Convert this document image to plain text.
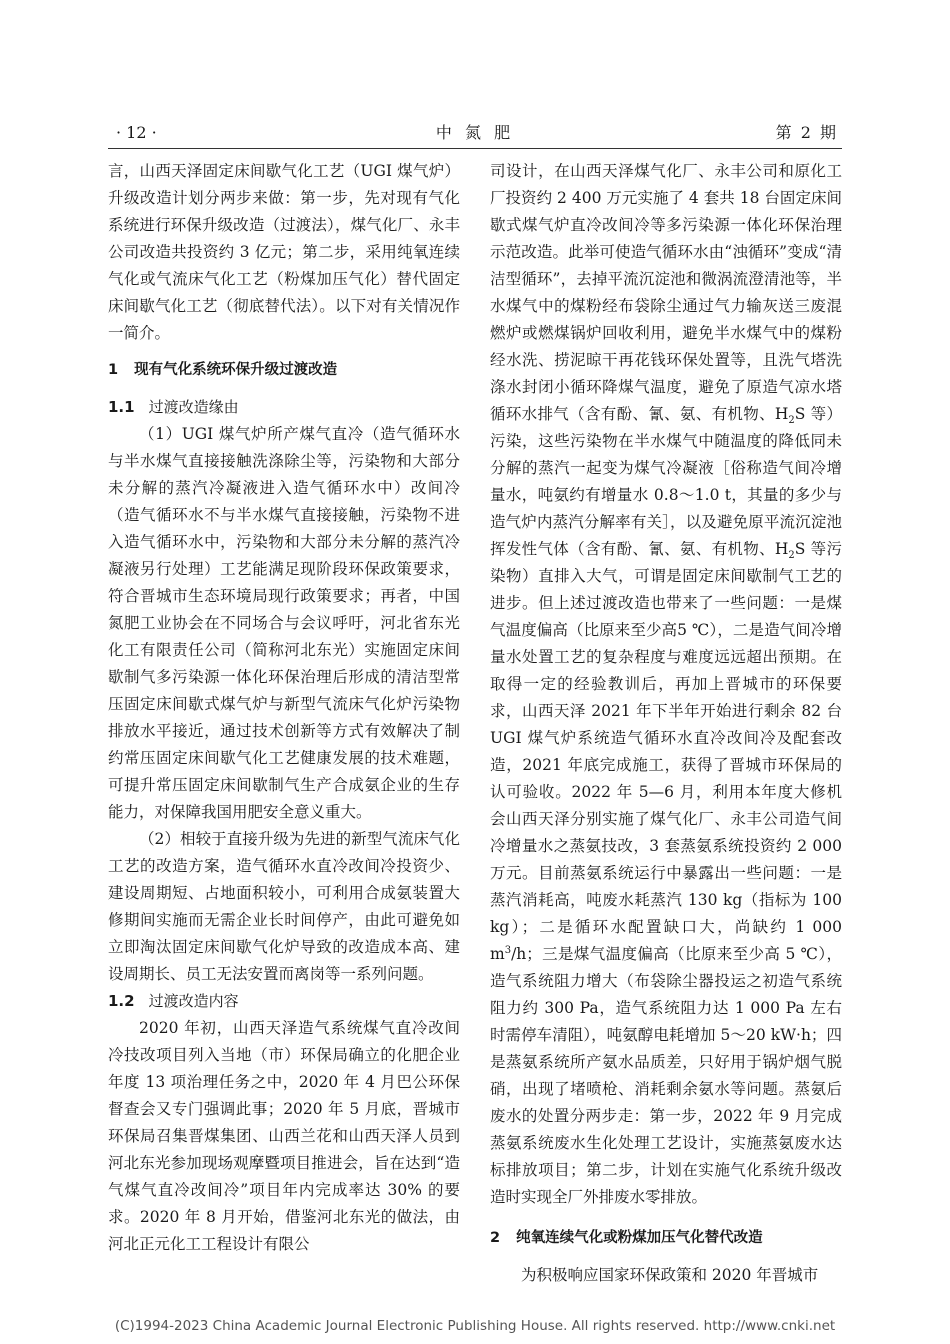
· 12 ·	中 氮 肥	第 2 期

言，山西天泽固定床间歇气化工艺（UGI 煤气炉）升级改造计划分两步来做：第一步，先对现有气化系统进行环保升级改造（过渡法），煤气化厂、永丰公司改造共投资约 3 亿元；第二步，采用纯氧连续气化或气流床气化工艺（粉煤加压气化）替代固定床间歇气化工艺（彻底替代法）。以下对有关情况作一简介。

1 现有气化系统环保升级过渡改造
1.1 过渡改造缘由

（1）UGI 煤气炉所产煤气直冷（造气循环水与半水煤气直接接触洗涤除尘等，污染物和大部分未分解的蒸汽冷凝液进入造气循环水中）改间冷（造气循环水不与半水煤气直接接触，污染物不进入造气循环水中，污染物和大部分未分解的蒸汽冷凝液另行处理）工艺能满足现阶段环保政策要求，符合晋城市生态环境局现行政策要求；再者，中国氮肥工业协会在不同场合与会议呼吁，河北省东光化工有限责任公司（简称河北东光）实施固定床间歇制气多污染源一体化环保治理后形成的清洁型常压固定床间歇式煤气炉与新型气流床气化炉污染物排放水平接近，通过技术创新等方式有效解决了制约常压固定床间歇气化工艺健康发展的技术难题，可提升常压固定床间歇制气生产合成氨企业的生存能力，对保障我国用肥安全意义重大。

（2）相较于直接升级为先进的新型气流床气化工艺的改造方案，造气循环水直冷改间冷投资少、建设周期短、占地面积较小，可利用合成氨装置大修期间实施而无需企业长时间停产，由此可避免如立即淘汰固定床间歇气化炉导致的改造成本高、建设周期长、员工无法安置而离岗等一系列问题。

1.2 过渡改造内容

2020 年初，山西天泽造气系统煤气直冷改间冷技改项目列入当地（市）环保局确立的化肥企业年度 13 项治理任务之中，2020 年 4 月巴公环保督查会又专门强调此事；2020 年 5 月底，晋城市环保局召集晋煤集团、山西兰花和山西天泽人员到河北东光参加现场观摩暨项目推进会，旨在达到“造气煤气直冷改间冷”项目年内完成率达 30% 的要求。2020 年 8 月开始，借鉴河北东光的做法，由河北正元化工工程设计有限公

司设计，在山西天泽煤气化厂、永丰公司和原化工厂投资约 2 400 万元实施了 4 套共 18 台固定床间歇式煤气炉直冷改间冷等多污染源一体化环保治理示范改造。此举可使造气循环水由“浊循环”变成“清洁型循环”，去掉平流沉淀池和微涡流澄清池等，半水煤气中的煤粉经布袋除尘通过气力输灰送三废混燃炉或燃煤锅炉回收利用，避免半水煤气中的煤粉经水洗、捞泥晾干再花钱环保处置等，且洗气塔洗涤水封闭小循环降煤气温度，避免了原造气凉水塔循环水排气（含有酚、氰、氨、有机物、$H_2S$ 等）污染，这些污染物在半水煤气中随温度的降低同未分解的蒸汽一起变为煤气冷凝液［俗称造气间冷增量水，吨氨约有增量水 0.8～1.0 t，其量的多少与造气炉内蒸汽分解率有关］，以及避免原平流沉淀池挥发性气体（含有酚、氰、氨、有机物、$H_2S$ 等污染物）直排入大气，可谓是固定床间歇制气工艺的进步。但上述过渡改造也带来了一些问题：一是煤气温度偏高（比原来至少高5 ℃），二是造气间冷增量水处置工艺的复杂程度与难度远远超出预期。在取得一定的经验教训后，再加上晋城市的环保要求，山西天泽 2021 年下半年开始进行剩余 82 台 UGI 煤气炉系统造气循环水直冷改间冷及配套改造，2021 年底完成施工，获得了晋城市环保局的认可验收。2022 年 5—6 月，利用本年度大修机会山西天泽分别实施了煤气化厂、永丰公司造气间冷增量水之蒸氨技改，3 套蒸氨系统投资约 2 000 万元。目前蒸氨系统运行中暴露出一些问题：一是蒸汽消耗高，吨废水耗蒸汽 130 kg（指标为 100 kg）；二是循环水配置缺口大，尚缺约 1 000 $m^3/h$；三是煤气温度偏高（比原来至少高 5 ℃），造气系统阻力增大（布袋除尘器投运之初造气系统阻力约 300 Pa，造气系统阻力达 1 000 Pa 左右时需停车清阻），吨氨醇电耗增加 5～20 kW·h；四是蒸氨系统所产氨水品质差，只好用于锅炉烟气脱硝，出现了堵喷枪、消耗剩余氨水等问题。蒸氨后废水的处置分两步走：第一步，2022 年 9 月完成蒸氨系统废水生化处理工艺设计，实施蒸氨废水达标排放项目；第二步，计划在实施气化系统升级改造时实现全厂外排废水零排放。

2 纯氧连续气化或粉煤加压气化替代改造

为积极响应国家环保政策和 2020 年晋城市

(C)1994-2023 China Academic Journal Electronic Publishing House. All rights reserved. http://www.cnki.net
